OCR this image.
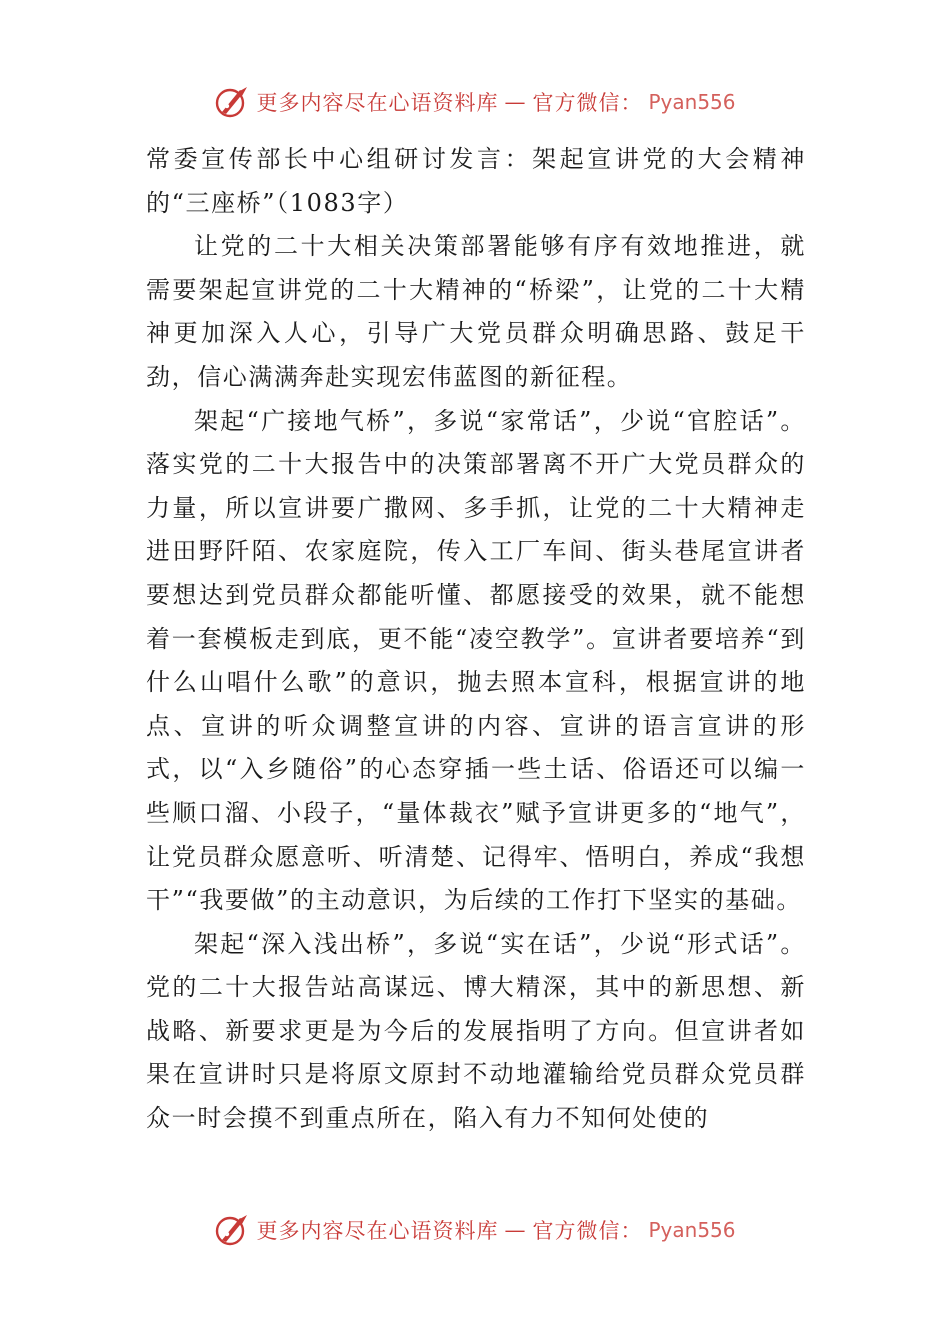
更多内容尽在心语资料库 — 官方微信： Pyan556

常委宣传部长中心组研讨发言：架起宣讲党的大会精神的“三座桥”（1083字）

让党的二十大相关决策部署能够有序有效地推进，就需要架起宣讲党的二十大精神的“桥梁”，让党的二十大精神更加深入人心，引导广大党员群众明确思路、鼓足干劲，信心满满奔赴实现宏伟蓝图的新征程。

架起“广接地气桥”，多说“家常话”，少说“官腔话”。落实党的二十大报告中的决策部署离不开广大党员群众的力量，所以宣讲要广撒网、多手抓，让党的二十大精神走进田野阡陌、农家庭院，传入工厂车间、街头巷尾宣讲者要想达到党员群众都能听懂、都愿接受的效果，就不能想着一套模板走到底，更不能“凌空教学”。宣讲者要培养“到什么山唱什么歌”的意识，抛去照本宣科，根据宣讲的地点、宣讲的听众调整宣讲的内容、宣讲的语言宣讲的形式，以“入乡随俗”的心态穿插一些土话、俗语还可以编一些顺口溜、小段子，“量体裁衣”赋予宣讲更多的“地气”，让党员群众愿意听、听清楚、记得牢、悟明白，养成“我想干”“我要做”的主动意识，为后续的工作打下坚实的基础。

架起“深入浅出桥”，多说“实在话”，少说“形式话”。党的二十大报告站高谋远、博大精深，其中的新思想、新战略、新要求更是为今后的发展指明了方向。但宣讲者如果在宣讲时只是将原文原封不动地灌输给党员群众党员群众一时会摸不到重点所在，陷入有力不知何处使的

更多内容尽在心语资料库 — 官方微信： Pyan556
